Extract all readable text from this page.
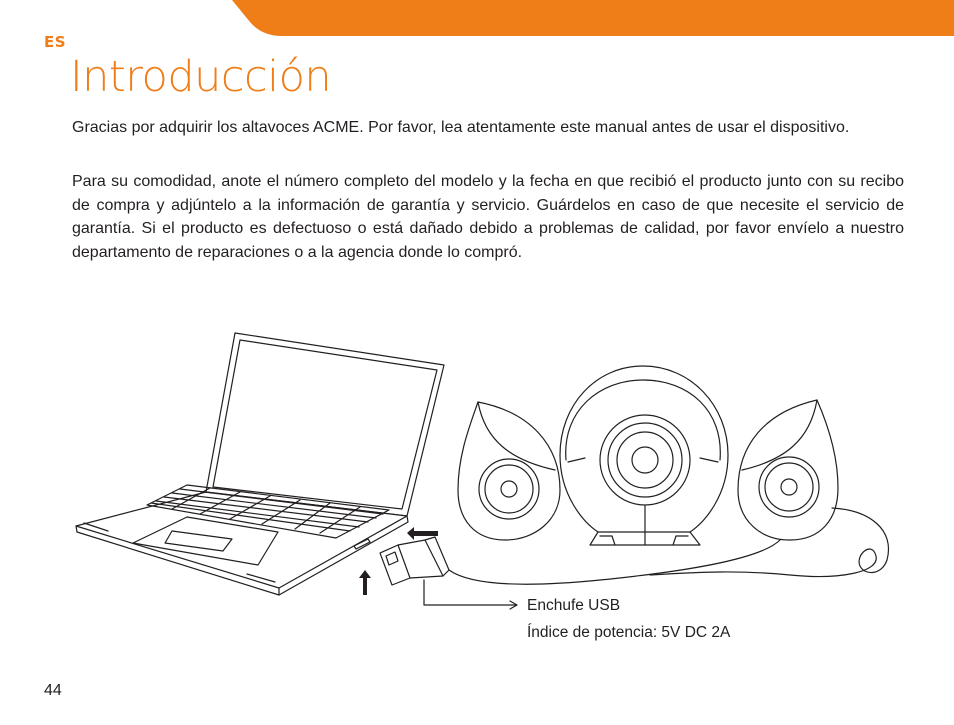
ES
Introducción

Gracias por adquirir los altavoces ACME. Por favor, lea atentamente este manual antes de usar el dispositivo.

Para su comodidad, anote el número completo del modelo y la fecha en que recibió el producto junto con su recibo de compra y adjúntelo a la información de garantía y servicio. Guárdelos en caso de que necesite el servicio de garantía. Si el producto es defectuoso o está dañado debido a problemas de calidad, por favor envíelo a nuestro departamento de reparaciones o a la agencia donde lo compró.

Enchufe USB
Índice de potencia: 5V DC 2A
44
